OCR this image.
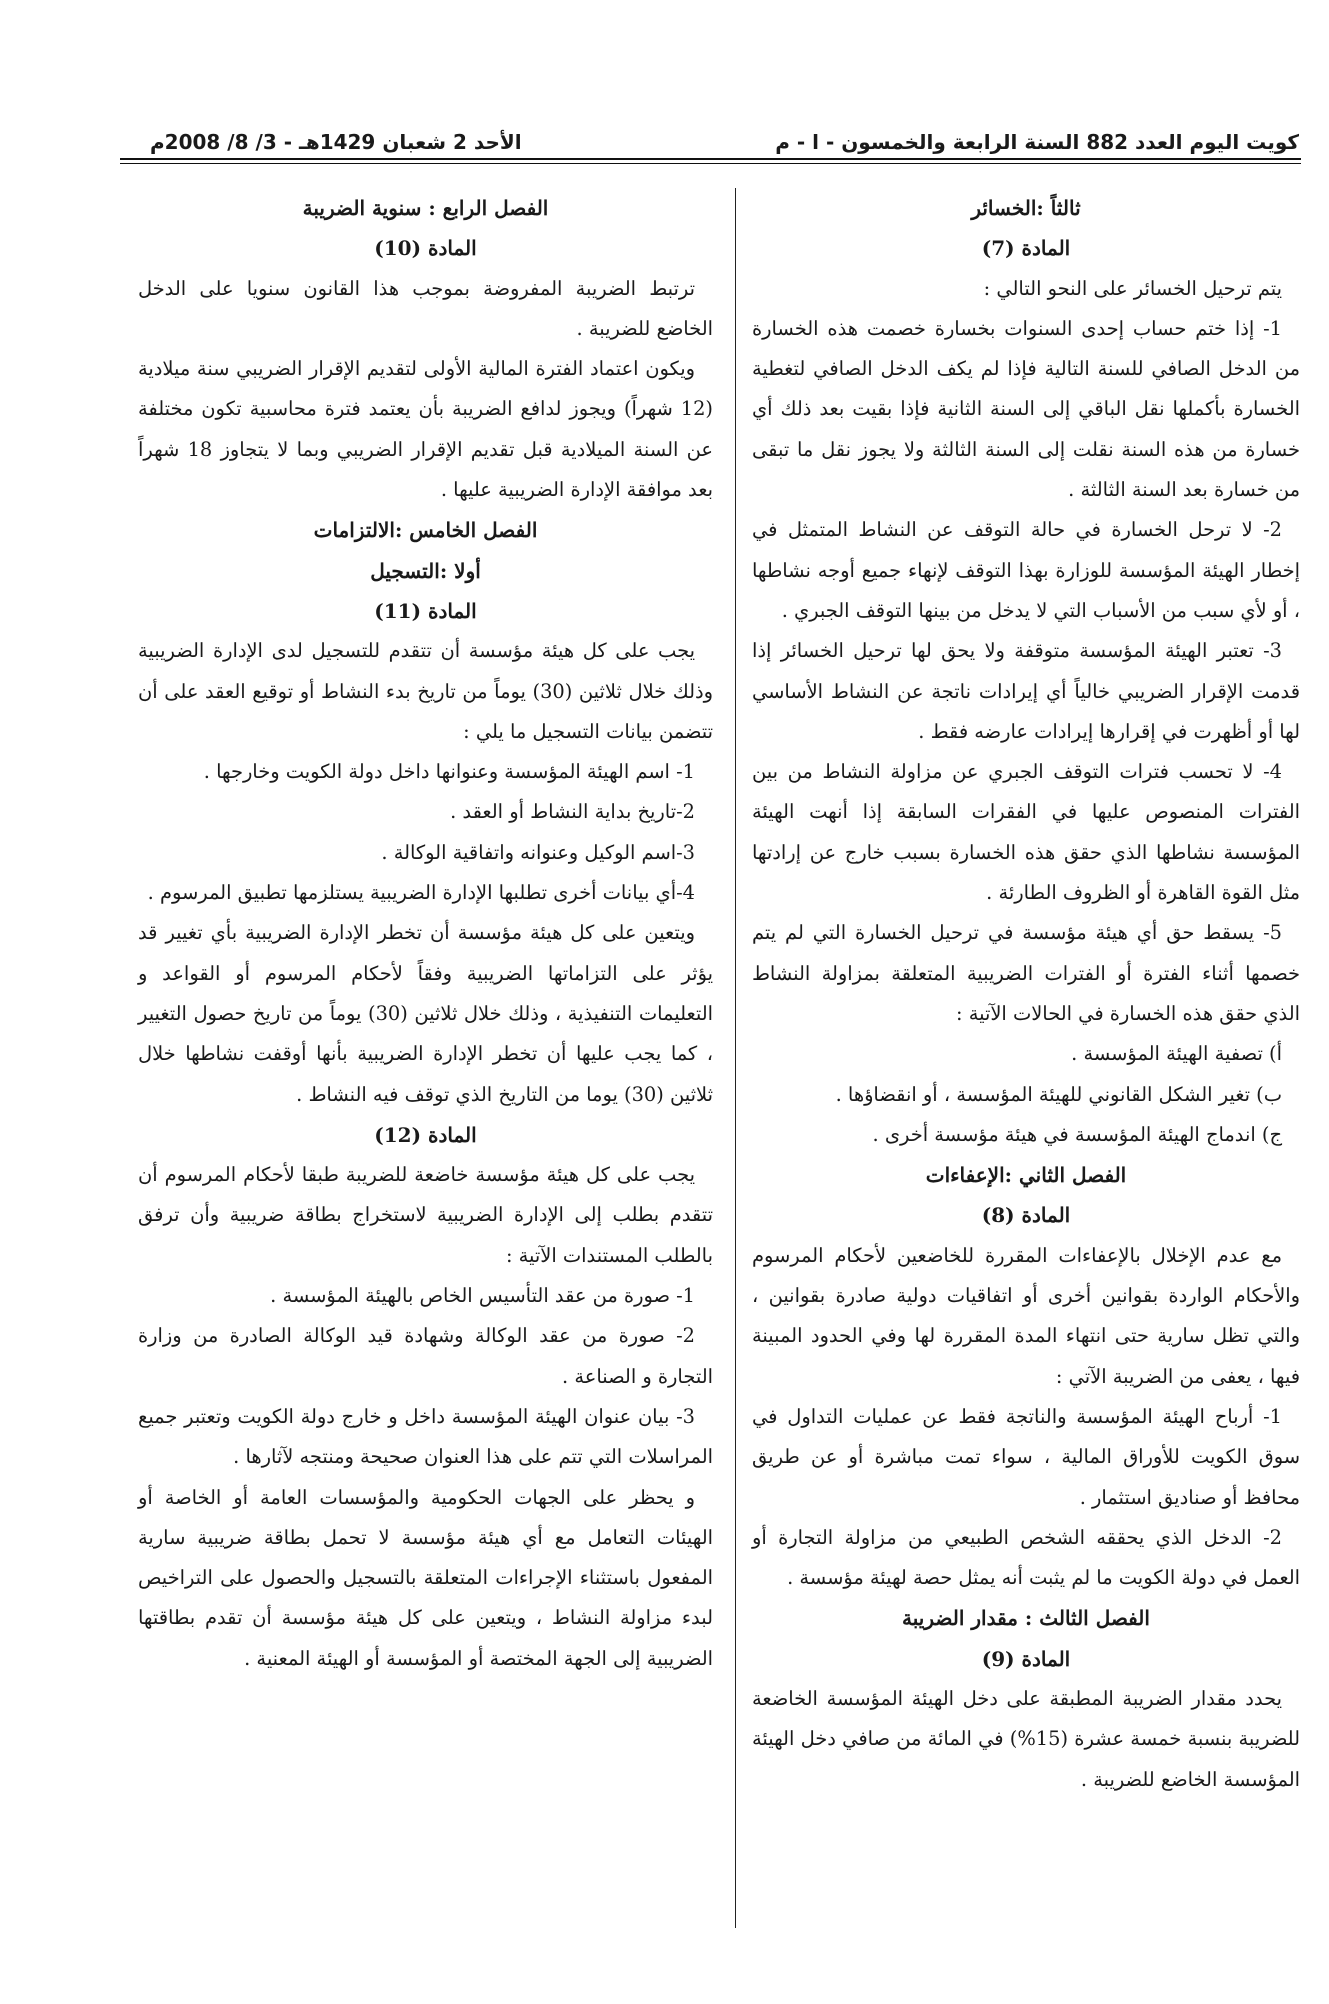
كويت اليوم العدد 882 السنة الرابعة والخمسون - ا - م
الأحد 2 شعبان 1429هـ - 3/ 8/ 2008م
ثالثاً :الخسائر
المادة (7)

يتم ترحيل الخسائر على النحو التالي :

1- إذا ختم حساب إحدى السنوات بخسارة خصمت هذه الخسارة من الدخل الصافي للسنة التالية فإذا لم يكف الدخل الصافي لتغطية الخسارة بأكملها نقل الباقي إلى السنة الثانية فإذا بقيت بعد ذلك أي خسارة من هذه السنة نقلت إلى السنة الثالثة ولا يجوز نقل ما تبقى من خسارة بعد السنة الثالثة .

2- لا ترحل الخسارة في حالة التوقف عن النشاط المتمثل في إخطار الهيئة المؤسسة للوزارة بهذا التوقف لإنهاء جميع أوجه نشاطها ، أو لأي سبب من الأسباب التي لا يدخل من بينها التوقف الجبري .

3- تعتبر الهيئة المؤسسة متوقفة ولا يحق لها ترحيل الخسائر إذا قدمت الإقرار الضريبي خالياً أي إيرادات ناتجة عن النشاط الأساسي لها أو أظهرت في إقرارها إيرادات عارضه فقط .

4- لا تحسب فترات التوقف الجبري عن مزاولة النشاط من بين الفترات المنصوص عليها في الفقرات السابقة إذا أنهت الهيئة المؤسسة نشاطها الذي حقق هذه الخسارة بسبب خارج عن إرادتها مثل القوة القاهرة أو الظروف الطارئة .

5- يسقط حق أي هيئة مؤسسة في ترحيل الخسارة التي لم يتم خصمها أثناء الفترة أو الفترات الضريبية المتعلقة بمزاولة النشاط الذي حقق هذه الخسارة في الحالات الآتية :

أ) تصفية الهيئة المؤسسة .

ب) تغير الشكل القانوني للهيئة المؤسسة ، أو انقضاؤها .

ج) اندماج الهيئة المؤسسة في هيئة مؤسسة أخرى .

الفصل الثاني :الإعفاءات
المادة (8)

مع عدم الإخلال بالإعفاءات المقررة للخاضعين لأحكام المرسوم والأحكام الواردة بقوانين أخرى أو اتفاقيات دولية صادرة بقوانين ، والتي تظل سارية حتى انتهاء المدة المقررة لها وفي الحدود المبينة فيها ، يعفى من الضريبة الآتي :

1- أرباح الهيئة المؤسسة والناتجة فقط عن عمليات التداول في سوق الكويت للأوراق المالية ، سواء تمت مباشرة أو عن طريق محافظ أو صناديق استثمار .

2- الدخل الذي يحققه الشخص الطبيعي من مزاولة التجارة أو العمل في دولة الكويت ما لم يثبت أنه يمثل حصة لهيئة مؤسسة .

الفصل الثالث : مقدار الضريبة
المادة (9)

يحدد مقدار الضريبة المطبقة على دخل الهيئة المؤسسة الخاضعة للضريبة بنسبة خمسة عشرة (15%) في المائة من صافي دخل الهيئة المؤسسة الخاضع للضريبة .

الفصل الرابع : سنوية الضريبة
المادة (10)

ترتبط الضريبة المفروضة بموجب هذا القانون سنويا على الدخل الخاضع للضريبة .

ويكون اعتماد الفترة المالية الأولى لتقديم الإقرار الضريبي سنة ميلادية (12 شهراً) ويجوز لدافع الضريبة بأن يعتمد فترة محاسبية تكون مختلفة عن السنة الميلادية قبل تقديم الإقرار الضريبي وبما لا يتجاوز 18 شهراً بعد موافقة الإدارة الضريبية عليها .

الفصل الخامس :الالتزامات
أولا :التسجيل
المادة (11)

يجب على كل هيئة مؤسسة أن تتقدم للتسجيل لدى الإدارة الضريبية وذلك خلال ثلاثين (30) يوماً من تاريخ بدء النشاط أو توقيع العقد على أن تتضمن بيانات التسجيل ما يلي :

1- اسم الهيئة المؤسسة وعنوانها داخل دولة الكويت وخارجها .

2-تاريخ بداية النشاط أو العقد .

3-اسم الوكيل وعنوانه واتفاقية الوكالة .

4-أي بيانات أخرى تطلبها الإدارة الضريبية يستلزمها تطبيق المرسوم .

ويتعين على كل هيئة مؤسسة أن تخطر الإدارة الضريبية بأي تغيير قد يؤثر على التزاماتها الضريبية وفقاً لأحكام المرسوم أو القواعد و التعليمات التنفيذية ، وذلك خلال ثلاثين (30) يوماً من تاريخ حصول التغيير ، كما يجب عليها أن تخطر الإدارة الضريبية بأنها أوقفت نشاطها خلال ثلاثين (30) يوما من التاريخ الذي توقف فيه النشاط .

المادة (12)

يجب على كل هيئة مؤسسة خاضعة للضريبة طبقا لأحكام المرسوم أن تتقدم بطلب إلى الإدارة الضريبية لاستخراج بطاقة ضريبية وأن ترفق بالطلب المستندات الآتية :

1- صورة من عقد التأسيس الخاص بالهيئة المؤسسة .

2- صورة من عقد الوكالة وشهادة قيد الوكالة الصادرة من وزارة التجارة و الصناعة .

3- بيان عنوان الهيئة المؤسسة داخل و خارج دولة الكويت وتعتبر جميع المراسلات التي تتم على هذا العنوان صحيحة ومنتجه لآثارها .

و يحظر على الجهات الحكومية والمؤسسات العامة أو الخاصة أو الهيئات التعامل مع أي هيئة مؤسسة لا تحمل بطاقة ضريبية سارية المفعول باستثناء الإجراءات المتعلقة بالتسجيل والحصول على التراخيص لبدء مزاولة النشاط ، ويتعين على كل هيئة مؤسسة أن تقدم بطاقتها الضريبية إلى الجهة المختصة أو المؤسسة أو الهيئة المعنية .
